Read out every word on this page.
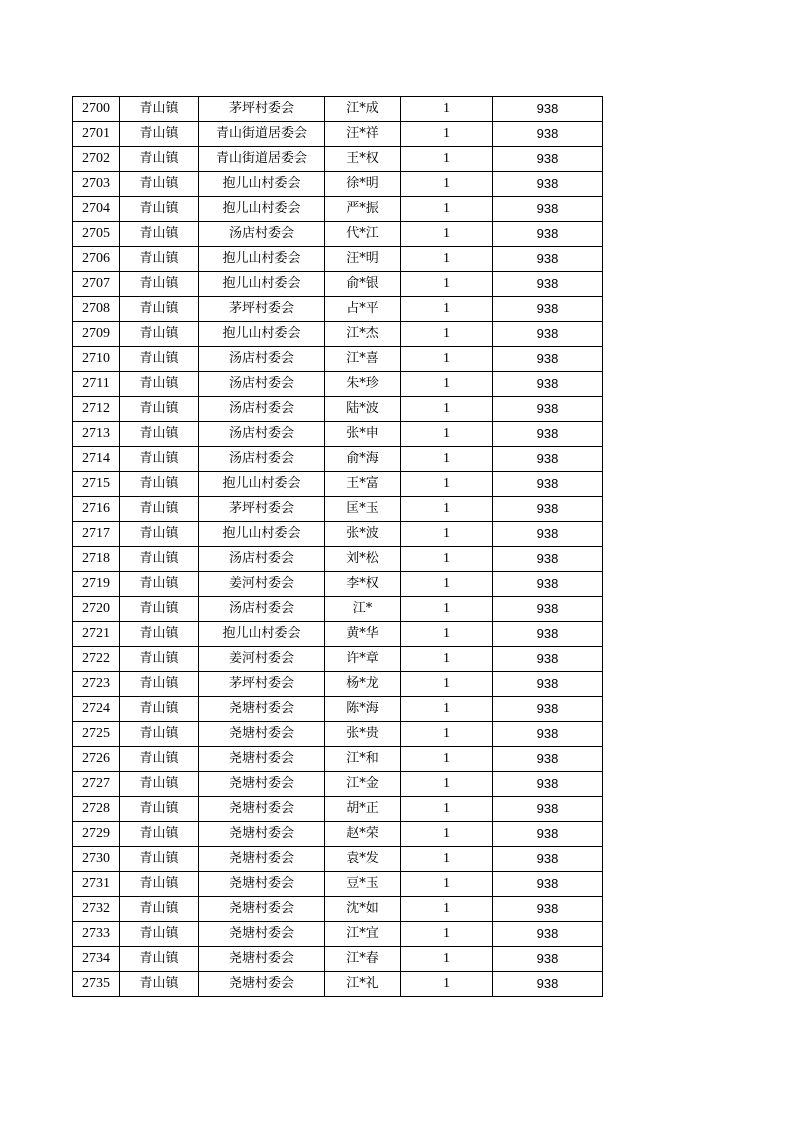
2700	青山镇	茅坪村委会	江*成	1	938
2701	青山镇	青山街道居委会	汪*祥	1	938
2702	青山镇	青山街道居委会	王*权	1	938
2703	青山镇	抱儿山村委会	徐*明	1	938
2704	青山镇	抱儿山村委会	严*振	1	938
2705	青山镇	汤店村委会	代*江	1	938
2706	青山镇	抱儿山村委会	汪*明	1	938
2707	青山镇	抱儿山村委会	俞*银	1	938
2708	青山镇	茅坪村委会	占*平	1	938
2709	青山镇	抱儿山村委会	江*杰	1	938
2710	青山镇	汤店村委会	江*喜	1	938
2711	青山镇	汤店村委会	朱*珍	1	938
2712	青山镇	汤店村委会	陆*波	1	938
2713	青山镇	汤店村委会	张*申	1	938
2714	青山镇	汤店村委会	俞*海	1	938
2715	青山镇	抱儿山村委会	王*富	1	938
2716	青山镇	茅坪村委会	匡*玉	1	938
2717	青山镇	抱儿山村委会	张*波	1	938
2718	青山镇	汤店村委会	刘*松	1	938
2719	青山镇	姜河村委会	李*权	1	938
2720	青山镇	汤店村委会	江*	1	938
2721	青山镇	抱儿山村委会	黄*华	1	938
2722	青山镇	姜河村委会	许*章	1	938
2723	青山镇	茅坪村委会	杨*龙	1	938
2724	青山镇	尧塘村委会	陈*海	1	938
2725	青山镇	尧塘村委会	张*贵	1	938
2726	青山镇	尧塘村委会	江*和	1	938
2727	青山镇	尧塘村委会	江*金	1	938
2728	青山镇	尧塘村委会	胡*正	1	938
2729	青山镇	尧塘村委会	赵*荣	1	938
2730	青山镇	尧塘村委会	袁*发	1	938
2731	青山镇	尧塘村委会	豆*玉	1	938
2732	青山镇	尧塘村委会	沈*如	1	938
2733	青山镇	尧塘村委会	江*宜	1	938
2734	青山镇	尧塘村委会	江*春	1	938
2735	青山镇	尧塘村委会	江*礼	1	938
